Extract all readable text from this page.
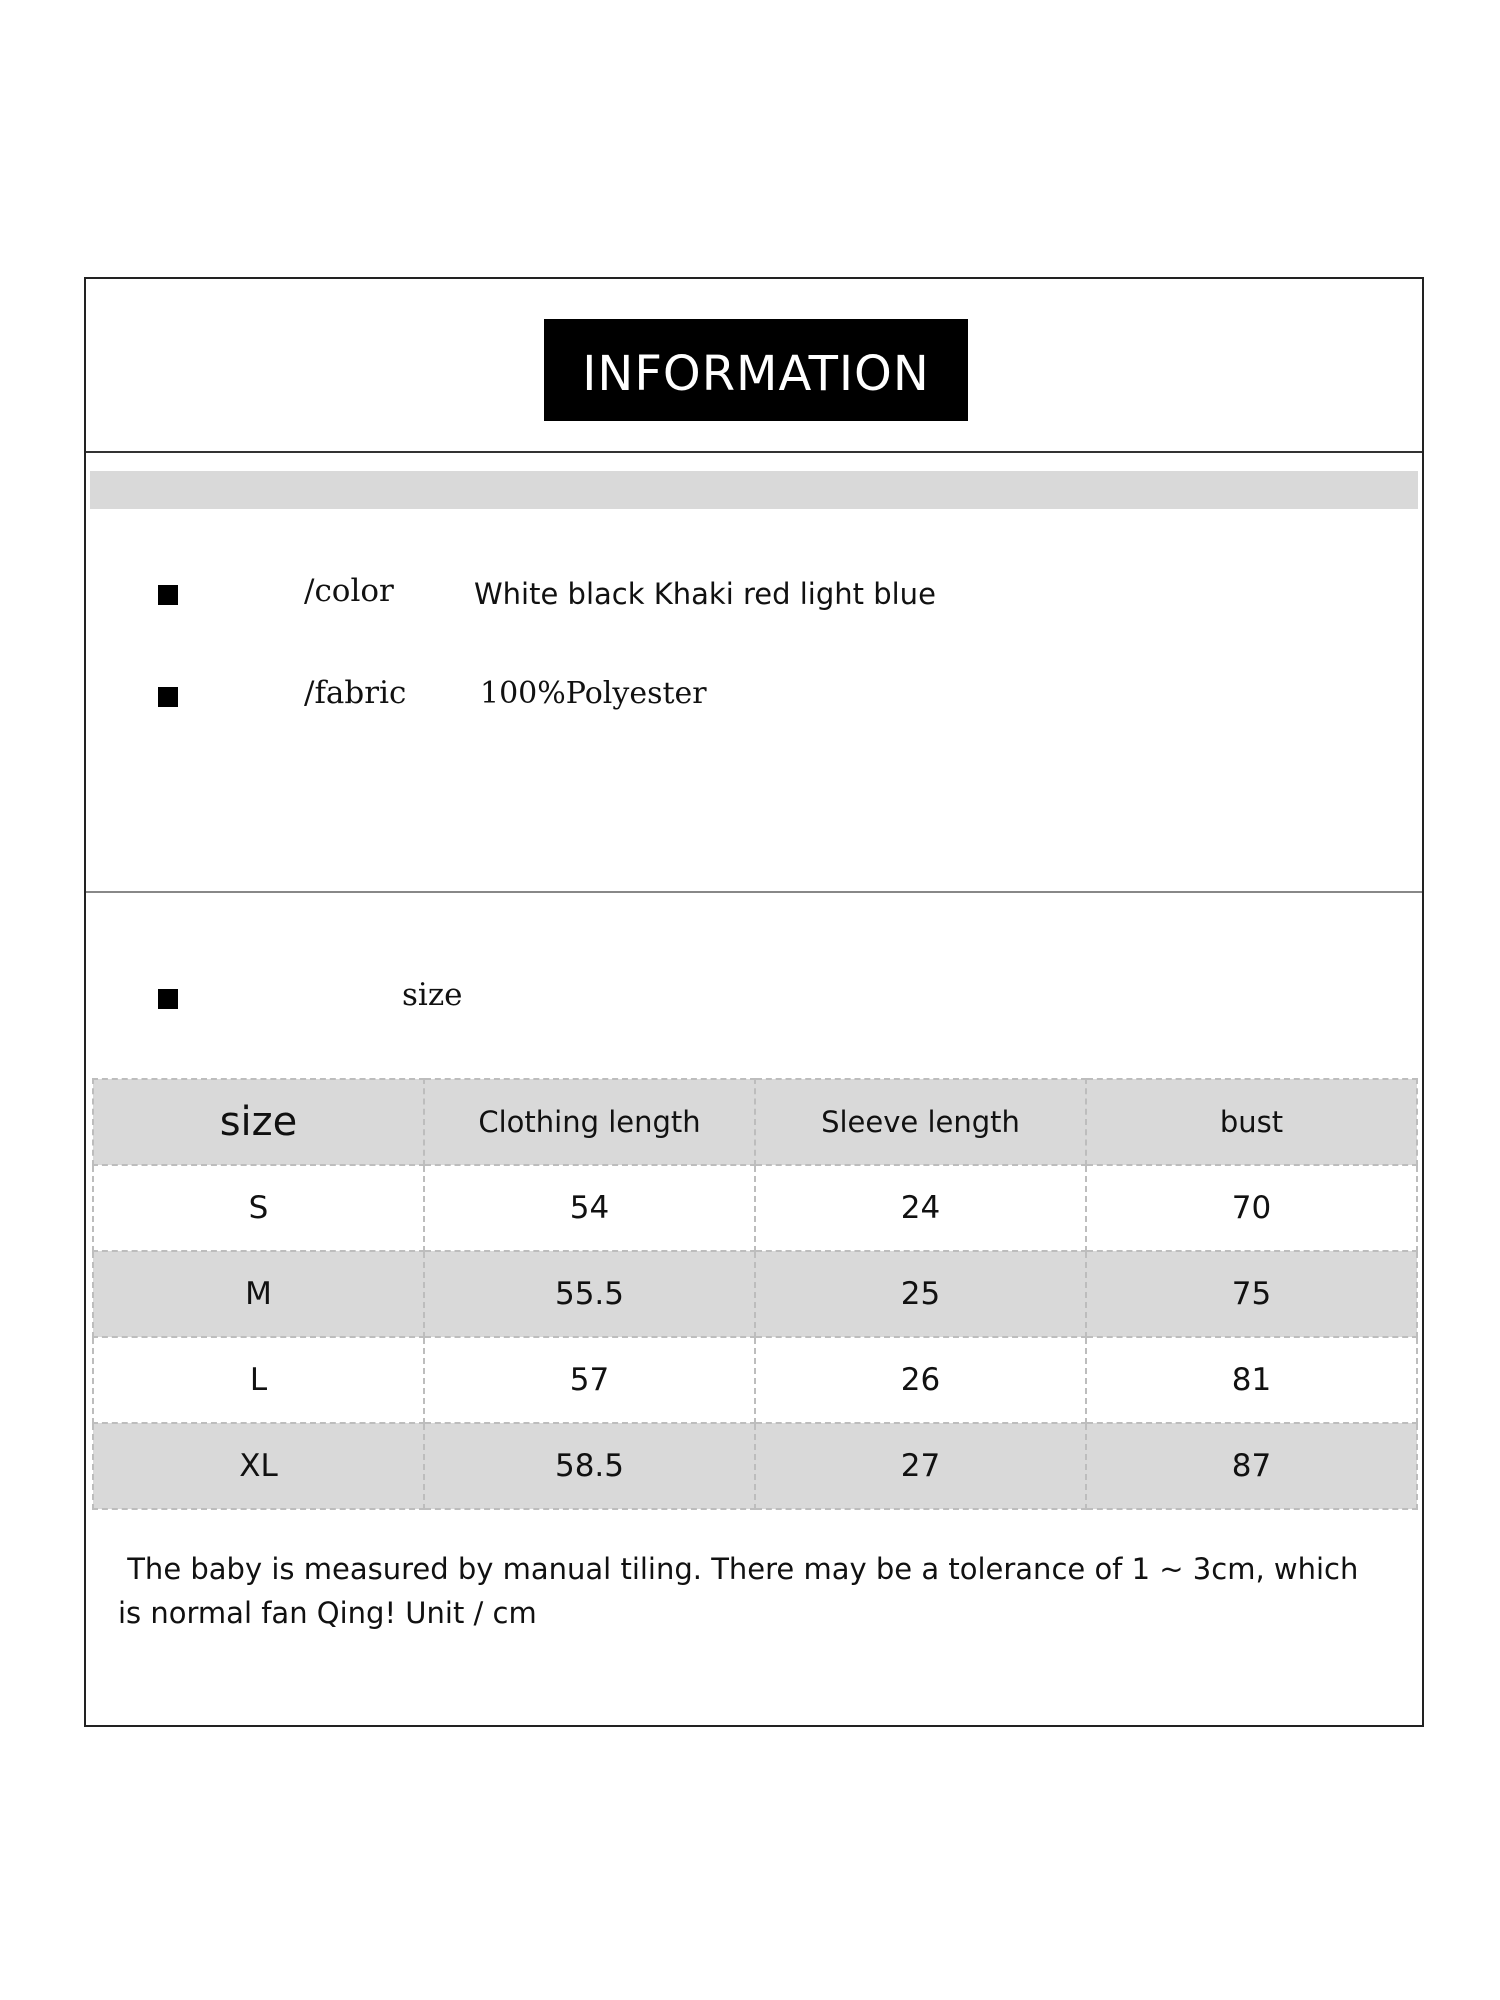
INFORMATION
/color	White black Khaki red light blue
/fabric 100%Polyester
size
size	Clothing length	Sleeve length	bust
S	54	24	70
M	55.5	25	75
L	57	26	81
XL	58.5	27	87
The baby is measured by manual tiling. There may be a tolerance of 1 ~ 3cm, which is normal fan Qing! Unit / cm
